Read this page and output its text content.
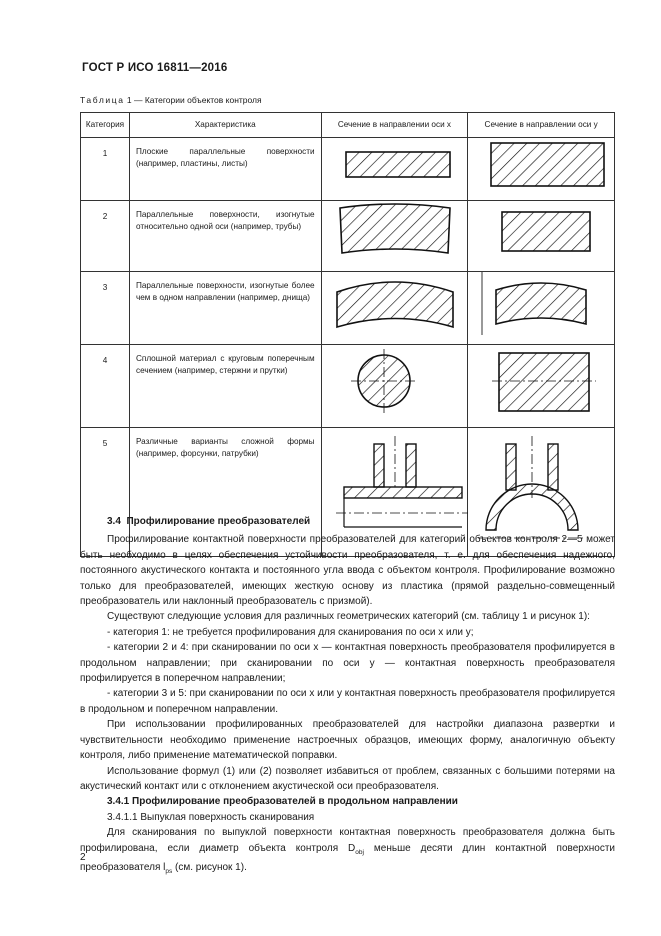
ГОСТ Р ИСО 16811—2016
Таблица 1 — Категории объектов контроля
Категория	Характеристика	Сечение в направлении оси x	Сечение в направлении оси y
1	Плоские параллельные поверхности (например, пластины, листы)	

2	Параллельные поверхности, изогнутые относительно одной оси (например, трубы)	

3	Параллельные поверхности, изогнутые более чем в одном направлении (например, днища)	

4	Сплошной материал с круговым поперечным сечением (например, стержни и прутки)	

5	Различные варианты сложной формы (например, форсунки, патрубки)	

3.4 Профилирование преобразователей

Профилирование контактной поверхности преобразователей для категорий объектов контроля 2—5 может быть необходимо в целях обеспечения устойчивости преобразователя, т. е. для обеспечения надежного, постоянного акустического контакта и постоянного угла ввода с объектом контроля. Профилирование возможно только для преобразователей, имеющих жесткую основу из пластика (прямой раздельно-совмещенный преобразователь или наклонный преобразователь с призмой).

Существуют следующие условия для различных геометрических категорий (см. таблицу 1 и рисунок 1):

- категория 1: не требуется профилирования для сканирования по оси x или y;

- категории 2 и 4: при сканировании по оси x — контактная поверхность преобразователя профилируется в продольном направлении; при сканировании по оси y — контактная поверхность преобразователя профилируется в поперечном направлении;

- категории 3 и 5: при сканировании по оси x или y контактная поверхность преобразователя профилируется в продольном и поперечном направлении.

При использовании профилированных преобразователей для настройки диапазона развертки и чувствительности необходимо применение настроечных образцов, имеющих форму, аналогичную объекту контроля, либо применение математической поправки.

Использование формул (1) или (2) позволяет избавиться от проблем, связанных с большими потерями на акустический контакт или с отклонением акустической оси преобразователя.

3.4.1 Профилирование преобразователей в продольном направлении

3.4.1.1 Выпуклая поверхность сканирования

Для сканирования по выпуклой поверхности контактная поверхность преобразователя должна быть профилирована, если диаметр объекта контроля $D_{obj}$ меньше десяти длин контактной поверхности преобразователя $l_{ps}$ (см. рисунок 1).

2
